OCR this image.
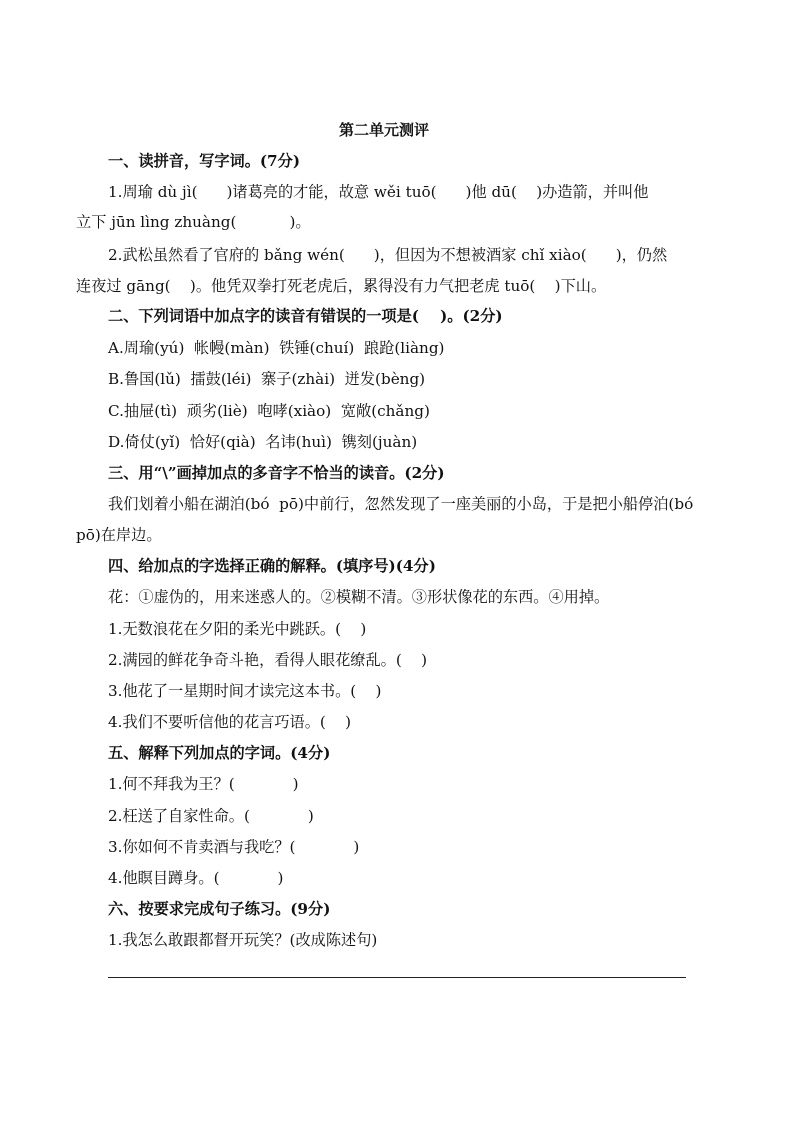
第二单元测评
一、读拼音，写字词。(7分)
1.周瑜 dù jì(      )诸葛亮的才能，故意 wěi tuō(      )他 dū(    )办造箭，并叫他
立下 jūn lìng zhuàng(           )。
2.武松虽然看了官府的 bǎng wén(      )，但因为不想被酒家 chǐ xiào(      )，仍然
连夜过 gāng(    )。他凭双拳打死老虎后，累得没有力气把老虎 tuō(    )下山。
二、下列词语中加点字的读音有错误的一项是(    )。(2分)
A.周瑜(yú)  帐幔(màn)  铁锤(chuí)  踉跄(liàng)
B.鲁国(lǔ)  擂鼓(léi)  寨子(zhài)  迸发(bèng)
C.抽屉(tì)  顽劣(liè)  咆哮(xiào)  宽敞(chǎng)
D.倚仗(yǐ)  恰好(qià)  名讳(huì)  镌刻(juàn)
三、用“\”画掉加点的多音字不恰当的读音。(2分)
我们划着小船在湖泊(bó  pō)中前行，忽然发现了一座美丽的小岛，于是把小船停泊(bó
pō)在岸边。
四、给加点的字选择正确的解释。(填序号)(4分)
花：①虚伪的，用来迷惑人的。②模糊不清。③形状像花的东西。④用掉。
1.无数浪花在夕阳的柔光中跳跃。(    )
2.满园的鲜花争奇斗艳，看得人眼花缭乱。(    )
3.他花了一星期时间才读完这本书。(    )
4.我们不要听信他的花言巧语。(    )
五、解释下列加点的字词。(4分)
1.何不拜我为王？(            )
2.枉送了自家性命。(            )
3.你如何不肯卖酒与我吃？(            )
4.他瞑目蹲身。(            )
六、按要求完成句子练习。(9分)
1.我怎么敢跟都督开玩笑？(改成陈述句)
